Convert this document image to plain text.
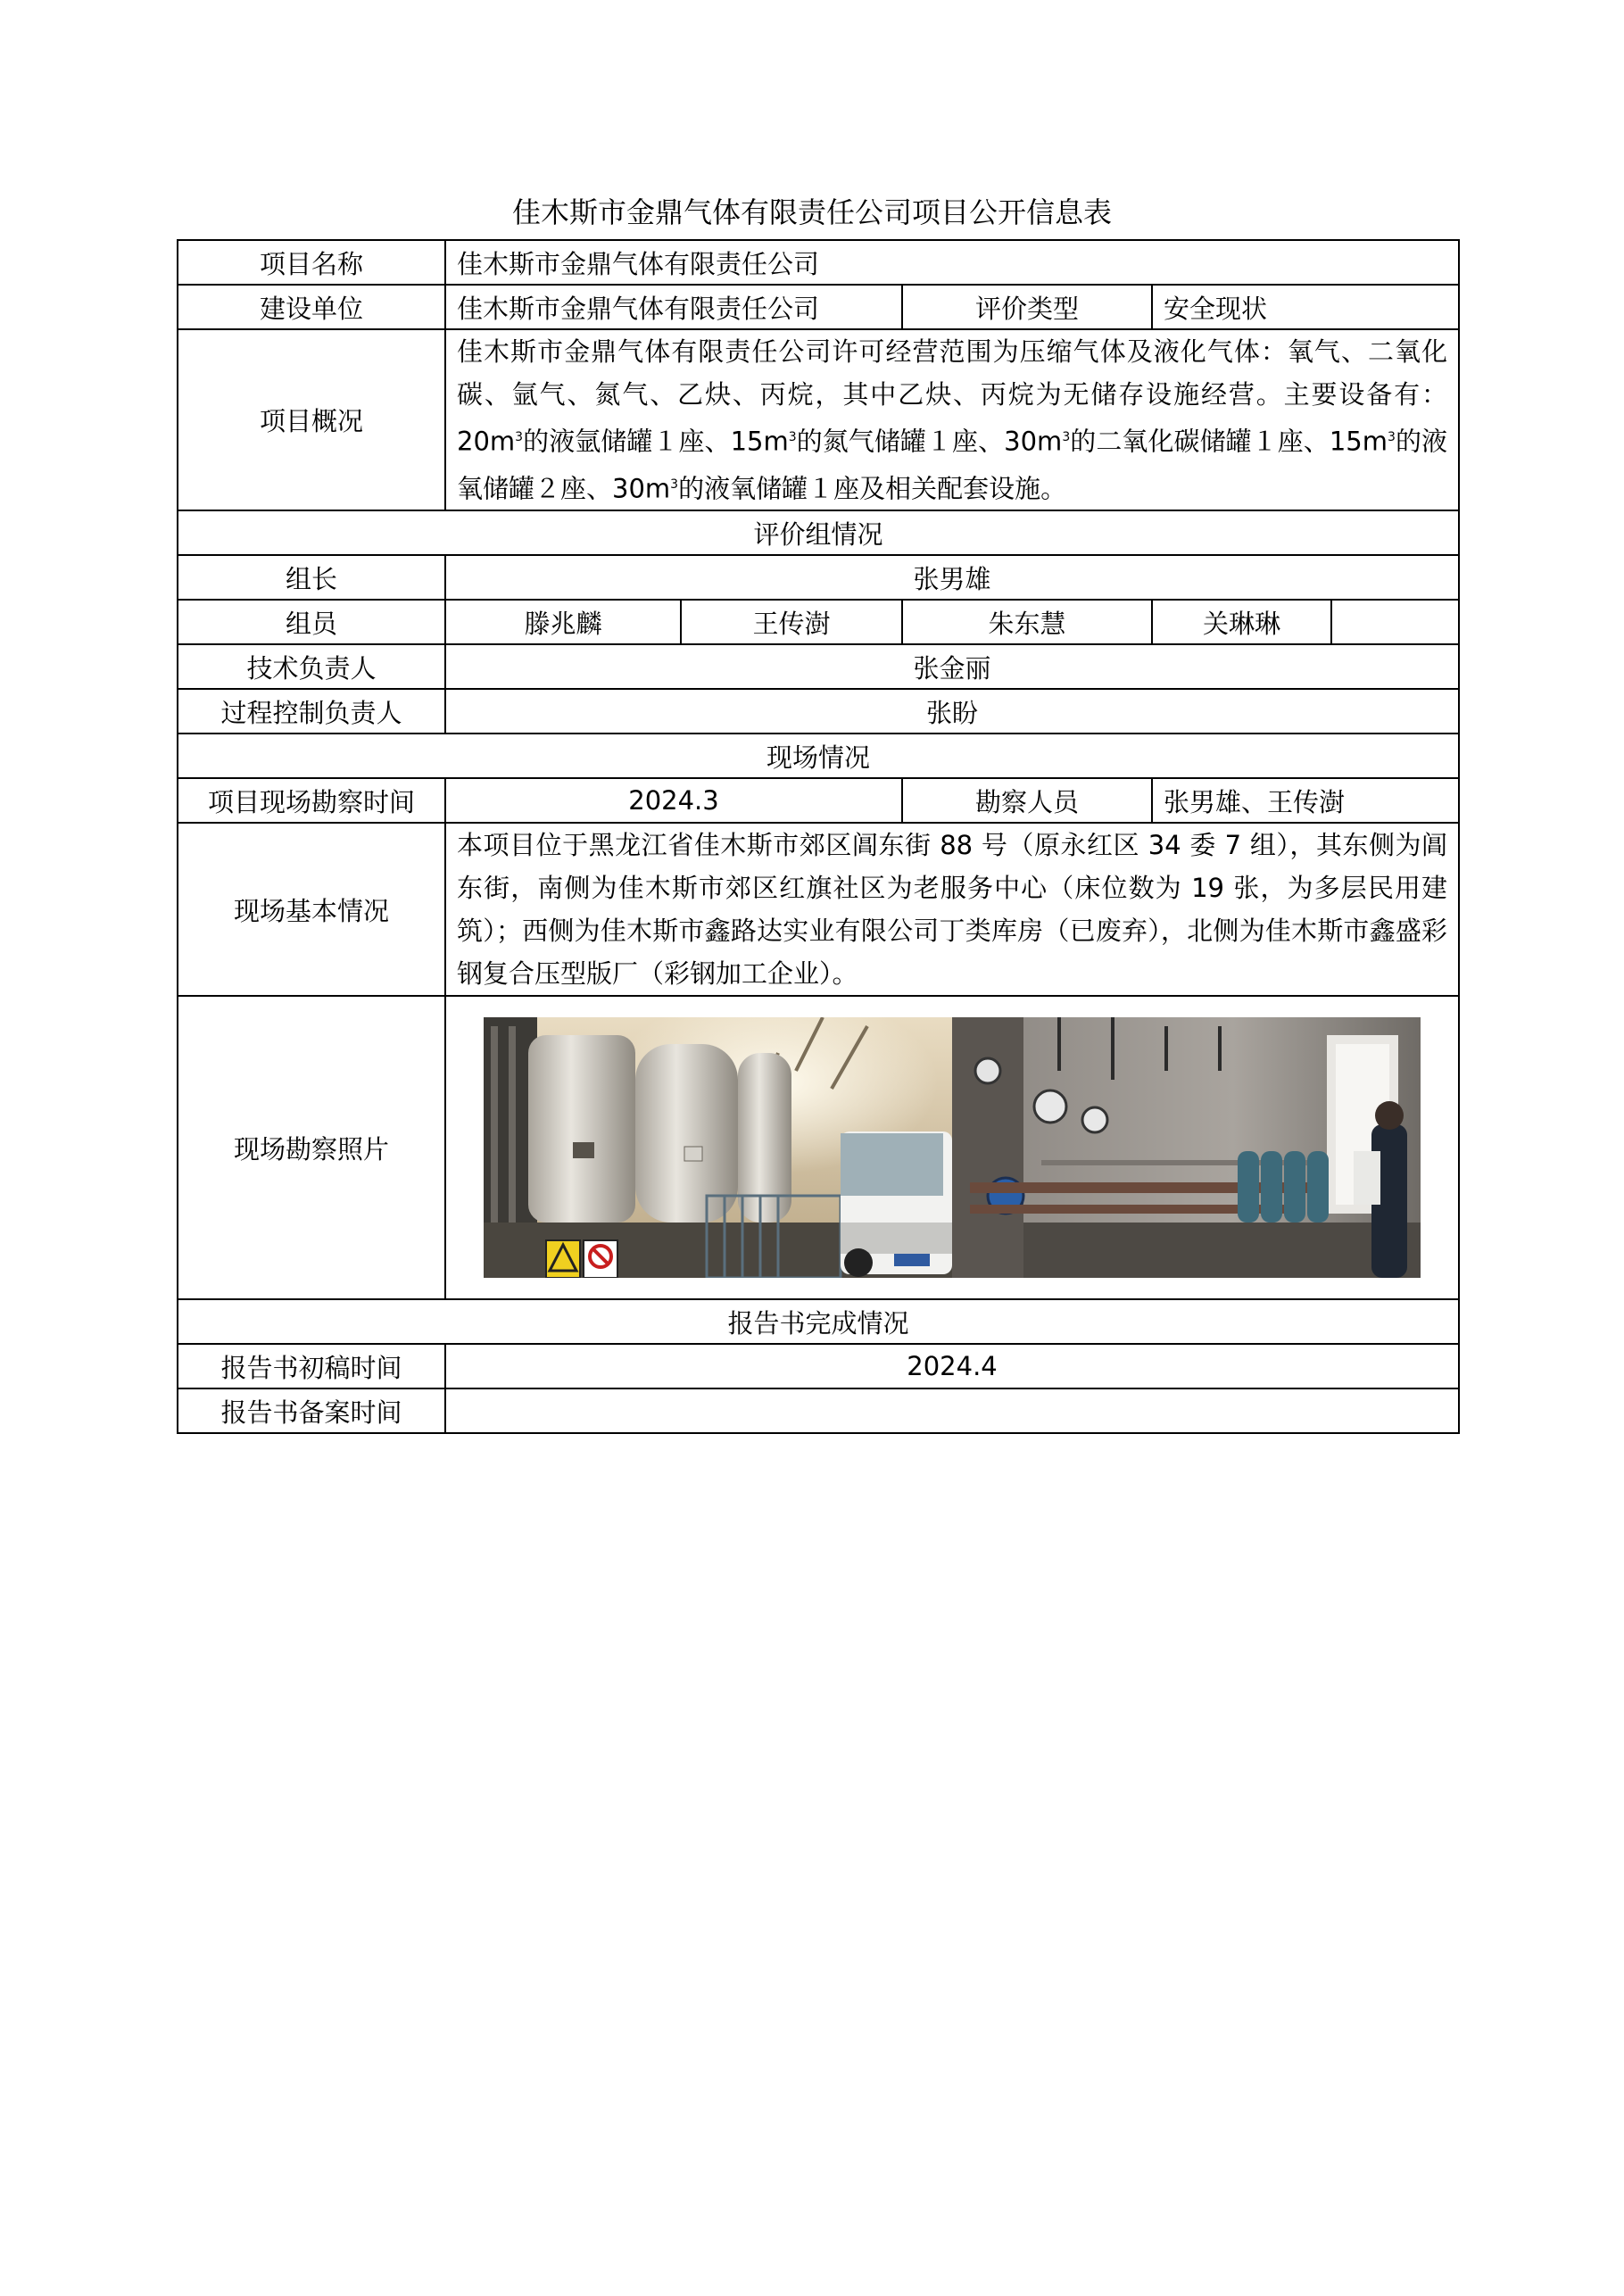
佳木斯市金鼎气体有限责任公司项目公开信息表
项目名称	佳木斯市金鼎气体有限责任公司			
建设单位	佳木斯市金鼎气体有限责任公司		评价类型	安全现状
项目概况	佳木斯市金鼎气体有限责任公司许可经营范围为压缩气体及液化气体：氧气、二氧化碳、氩气、氮气、乙炔、丙烷，其中乙炔、丙烷为无储存设施经营。主要设备有：$20m^3$的液氩储罐１座、$15m^3$的氮气储罐１座、$30m^3$的二氧化碳储罐１座、$15m^3$的液氧储罐２座、$30m^3$的液氧储罐１座及相关配套设施。			
评价组情况				
组长	张男雄			
组员	滕兆麟	王传澍	朱东慧	关琳琳

技术负责人	张金丽			
过程控制负责人	张盼			
现场情况				
项目现场勘察时间	2024.3		勘察人员	张男雄、王传澍
现场基本情况	本项目位于黑龙江省佳木斯市郊区阊东街 88 号（原永红区 34 委 7 组），其东侧为阊东街，南侧为佳木斯市郊区红旗社区为老服务中心（床位数为 19 张，为多层民用建筑）；西侧为佳木斯市鑫路达实业有限公司丁类库房（已废弃），北侧为佳木斯市鑫盛彩钢复合压型版厂（彩钢加工企业）。			
现场勘察照片	

报告书完成情况				
报告书初稿时间	2024.4			
报告书备案时间				
